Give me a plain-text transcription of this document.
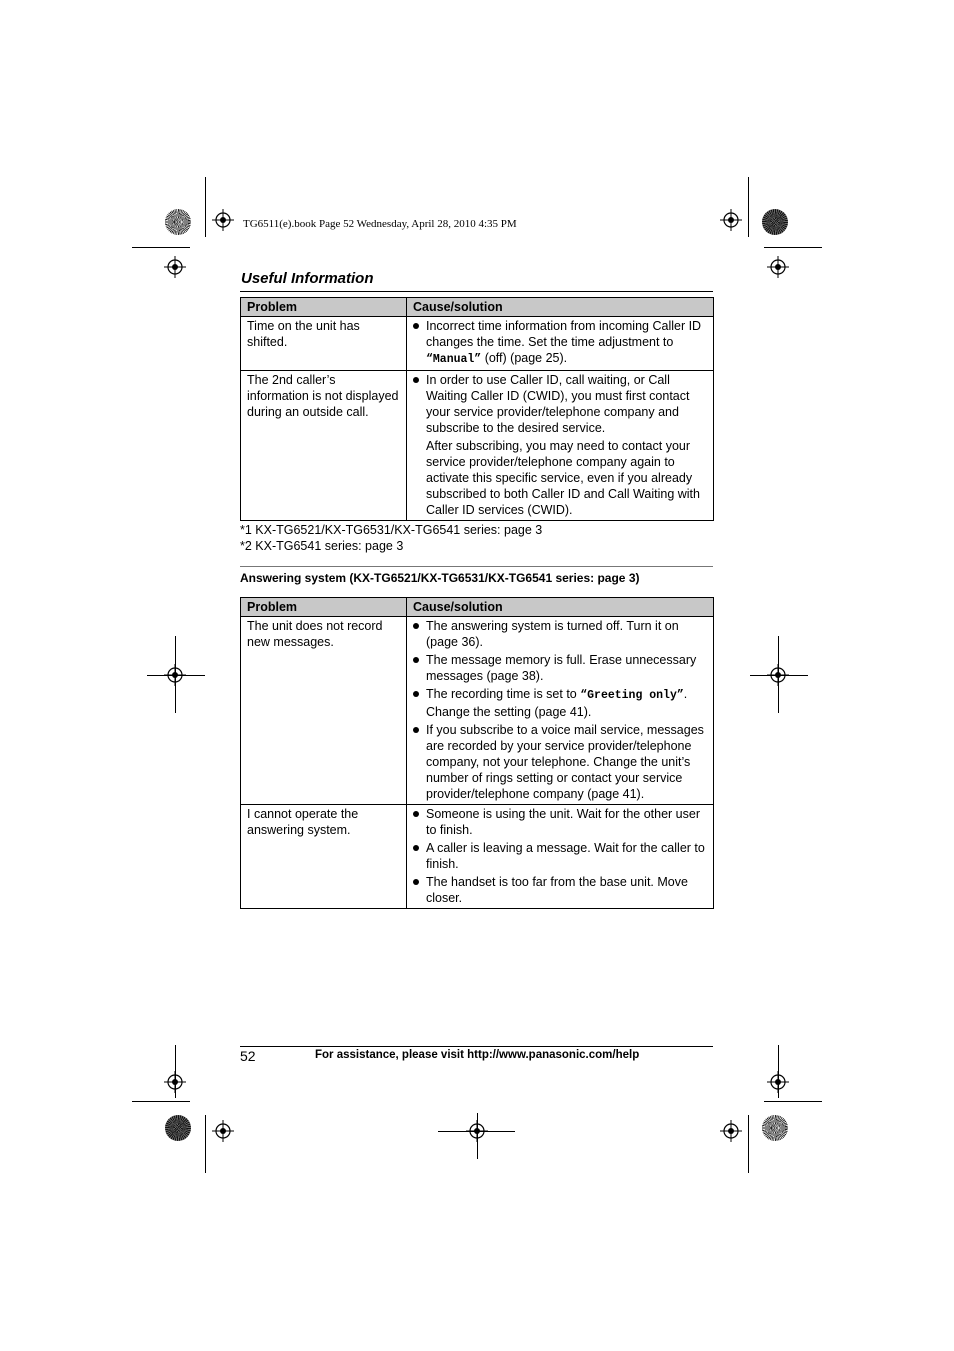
TG6511(e).book Page 52 Wednesday, April 28, 2010 4:35 PM
Useful Information
Problem	Cause/solution
Time on the unit has shifted.	Incorrect time information from incoming Caller ID changes the time. Set the time adjustment to “Manual” (off) (page 25).

The 2nd caller’s information is not displayed during an outside call.	In order to use Caller ID, call waiting, or Call Waiting Caller ID (CWID), you must first contact your service provider/telephone company and subscribe to the desired service.
After subscribing, you may need to contact your service provider/telephone company again to activate this specific service, even if you already subscribed to both Caller ID and Call Waiting with Caller ID services (CWID).
*1 KX-TG6521/KX-TG6531/KX-TG6541 series: page 3
*2 KX-TG6541 series: page 3
Answering system (KX-TG6521/KX-TG6531/KX-TG6541 series: page 3)
Problem	Cause/solution
The unit does not record new messages.	The answering system is turned off. Turn it on (page 36).
The message memory is full. Erase unnecessary messages (page 38).
The recording time is set to “Greeting only”. Change the setting (page 41).
If you subscribe to a voice mail service, messages are recorded by your service provider/telephone company, not your telephone. Change the unit’s number of rings setting or contact your service provider/telephone company (page 41).

I cannot operate the answering system.	Someone is using the unit. Wait for the other user to finish.
A caller is leaving a message. Wait for the caller to finish.
The handset is too far from the base unit. Move closer.
52	For assistance, please visit http://www.panasonic.com/help
